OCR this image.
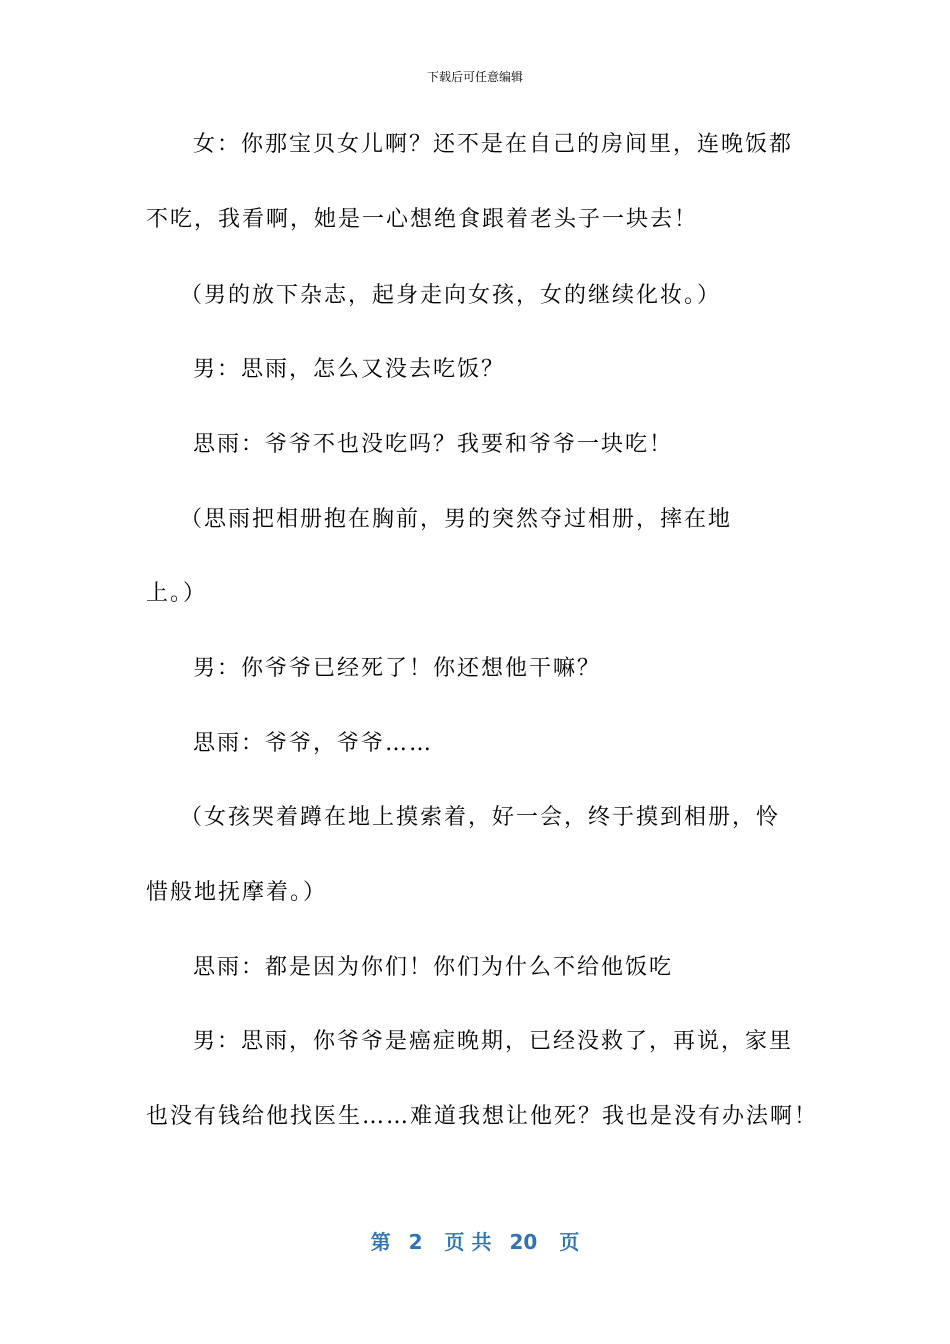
下载后可任意编辑
女：你那宝贝女儿啊？还不是在自己的房间里，连晚饭都
不吃，我看啊，她是一心想绝食跟着老头子一块去！
（男的放下杂志，起身走向女孩，女的继续化妆。）
男：思雨，怎么又没去吃饭？
思雨：爷爷不也没吃吗？我要和爷爷一块吃！
（思雨把相册抱在胸前，男的突然夺过相册，摔在地
上。）
男：你爷爷已经死了！你还想他干嘛？
思雨：爷爷，爷爷……
（女孩哭着蹲在地上摸索着，好一会，终于摸到相册，怜
惜般地抚摩着。）
思雨：都是因为你们！你们为什么不给他饭吃
男：思雨，你爷爷是癌症晚期，已经没救了，再说，家里
也没有钱给他找医生……难道我想让他死？我也是没有办法啊！
第 2 页 共 20 页
